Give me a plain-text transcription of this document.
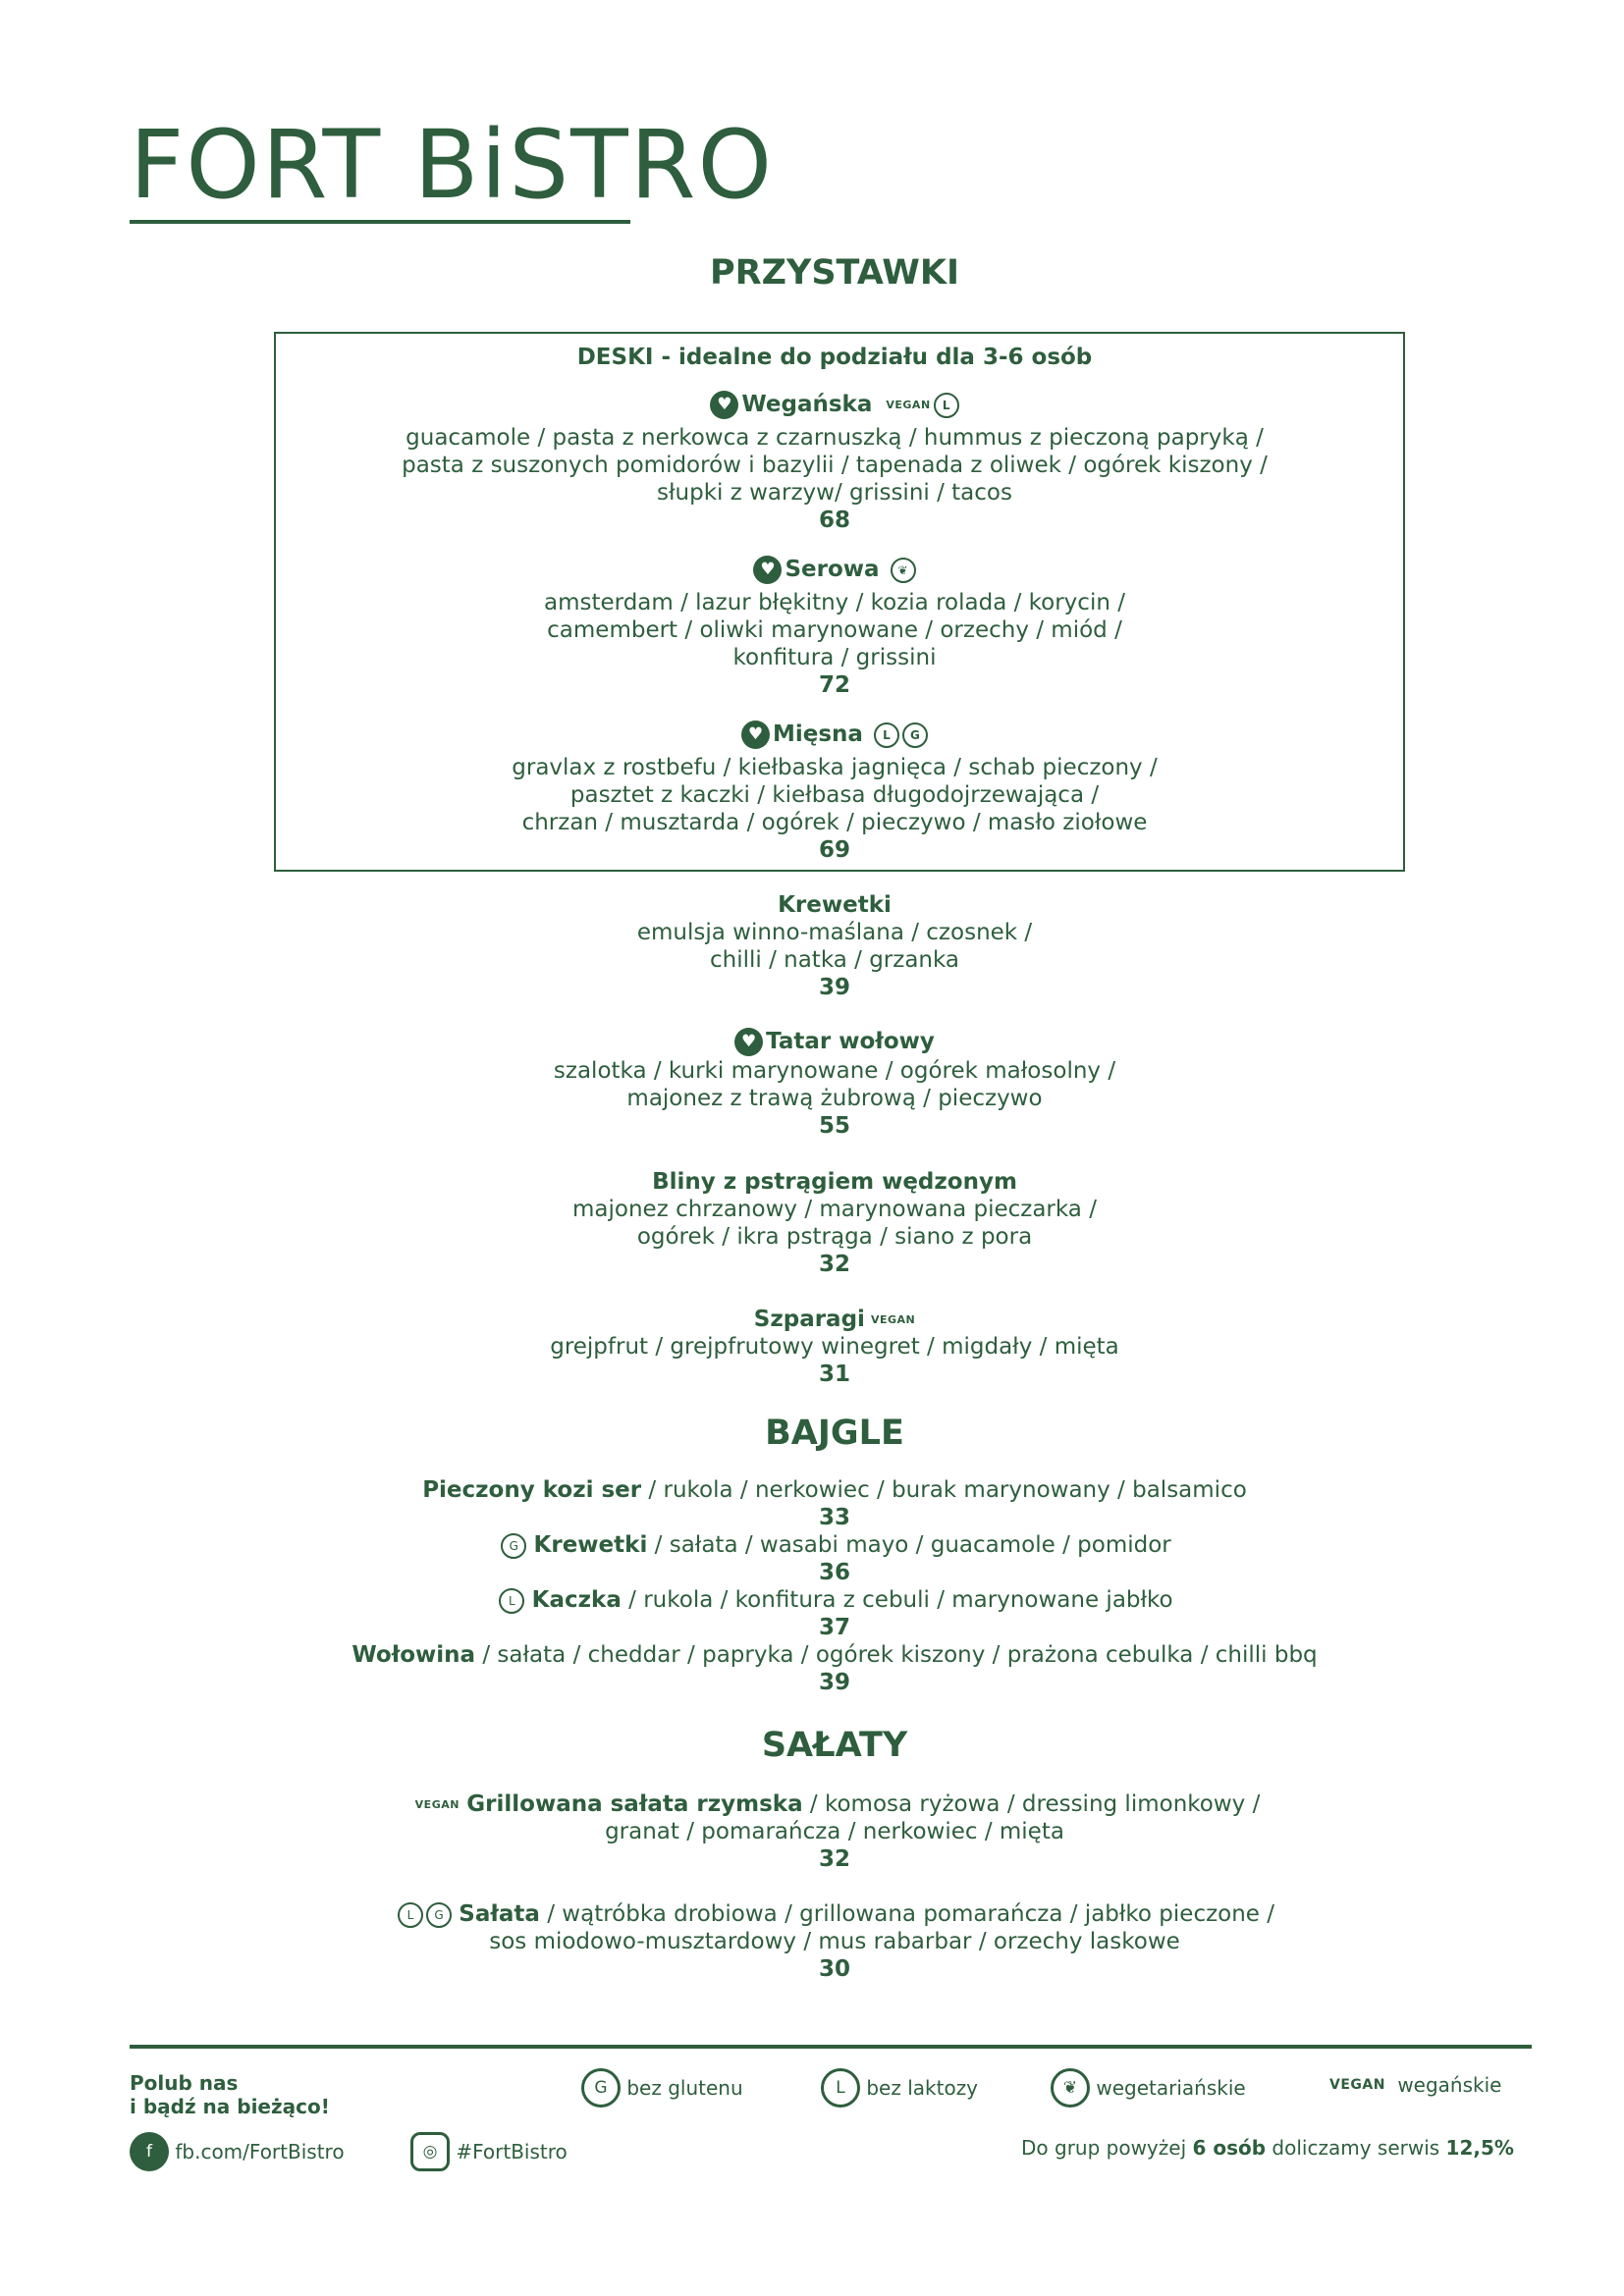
FORT BiSTRO
PRZYSTAWKI
DESKI - idealne do podziału dla 3-6 osób
♥ Wegańska VEGAN L
guacamole / pasta z nerkowca z czarnuszką / hummus z pieczoną papryką /
pasta z suszonych pomidorów i bazylii / tapenada z oliwek / ogórek kiszony /
słupki z warzyw/ grissini / tacos
68
♥ Serowa ❦
amsterdam / lazur błękitny / kozia rolada / korycin /
camembert / oliwki marynowane / orzechy / miód /
konfitura / grissini
72
♥ Mięsna L G
gravlax z rostbefu / kiełbaska jagnięca / schab pieczony /
pasztet z kaczki / kiełbasa długodojrzewająca /
chrzan / musztarda / ogórek / pieczywo / masło ziołowe
69
Krewetki
emulsja winno-maślana / czosnek /
chilli / natka / grzanka
39
♥ Tatar wołowy
szalotka / kurki marynowane / ogórek małosolny /
majonez z trawą żubrową / pieczywo
55
Bliny z pstrągiem wędzonym
majonez chrzanowy / marynowana pieczarka /
ogórek / ikra pstrąga / siano z pora
32
Szparagi VEGAN
grejpfrut / grejpfrutowy winegret / migdały / mięta
31
BAJGLE
Pieczony kozi ser / rukola / nerkowiec / burak marynowany / balsamico
33
G Krewetki / sałata / wasabi mayo / guacamole / pomidor
36
L Kaczka / rukola / konfitura z cebuli / marynowane jabłko
37
Wołowina / sałata / cheddar / papryka / ogórek kiszony / prażona cebulka / chilli bbq
39
SAŁATY
VEGAN Grillowana sałata rzymska / komosa ryżowa / dressing limonkowy /
granat / pomarańcza / nerkowiec / mięta
32
L G Sałata / wątróbka drobiowa / grillowana pomarańcza / jabłko pieczone /
sos miodowo-musztardowy / mus rabarbar / orzechy laskowe
30
Polub nas
i bądź na bieżąco!
f fb.com/FortBistro	◎ #FortBistro
G bez glutenu	L bez laktozy	❦ wegetariańskie	VEGAN wegańskie
Do grup powyżej 6 osób doliczamy serwis 12,5%
